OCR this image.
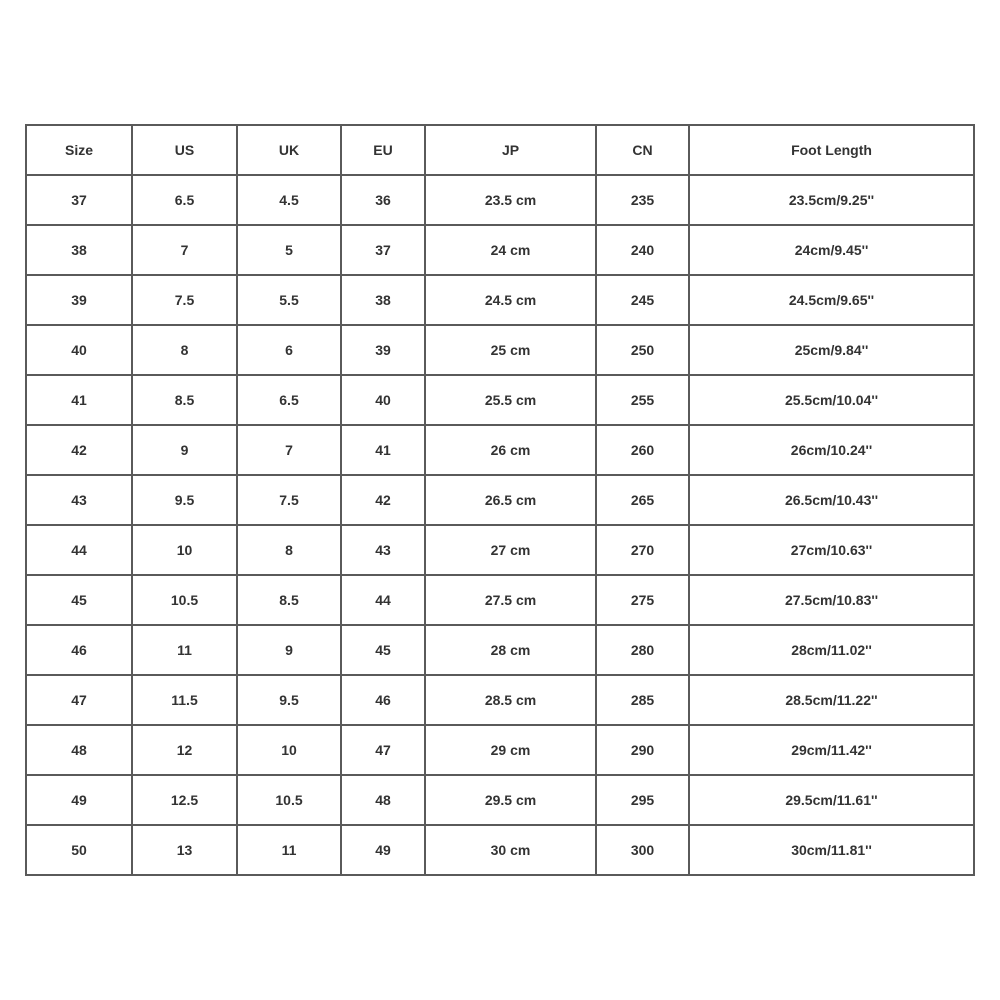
Size	US	UK	EU	JP	CN	Foot Length
37	6.5	4.5	36	23.5 cm	235	23.5cm/9.25''
38	7	5	37	24 cm	240	24cm/9.45''
39	7.5	5.5	38	24.5 cm	245	24.5cm/9.65''
40	8	6	39	25 cm	250	25cm/9.84''
41	8.5	6.5	40	25.5 cm	255	25.5cm/10.04''
42	9	7	41	26 cm	260	26cm/10.24''
43	9.5	7.5	42	26.5 cm	265	26.5cm/10.43''
44	10	8	43	27 cm	270	27cm/10.63''
45	10.5	8.5	44	27.5 cm	275	27.5cm/10.83''
46	11	9	45	28 cm	280	28cm/11.02''
47	11.5	9.5	46	28.5 cm	285	28.5cm/11.22''
48	12	10	47	29 cm	290	29cm/11.42''
49	12.5	10.5	48	29.5 cm	295	29.5cm/11.61''
50	13	11	49	30 cm	300	30cm/11.81''
